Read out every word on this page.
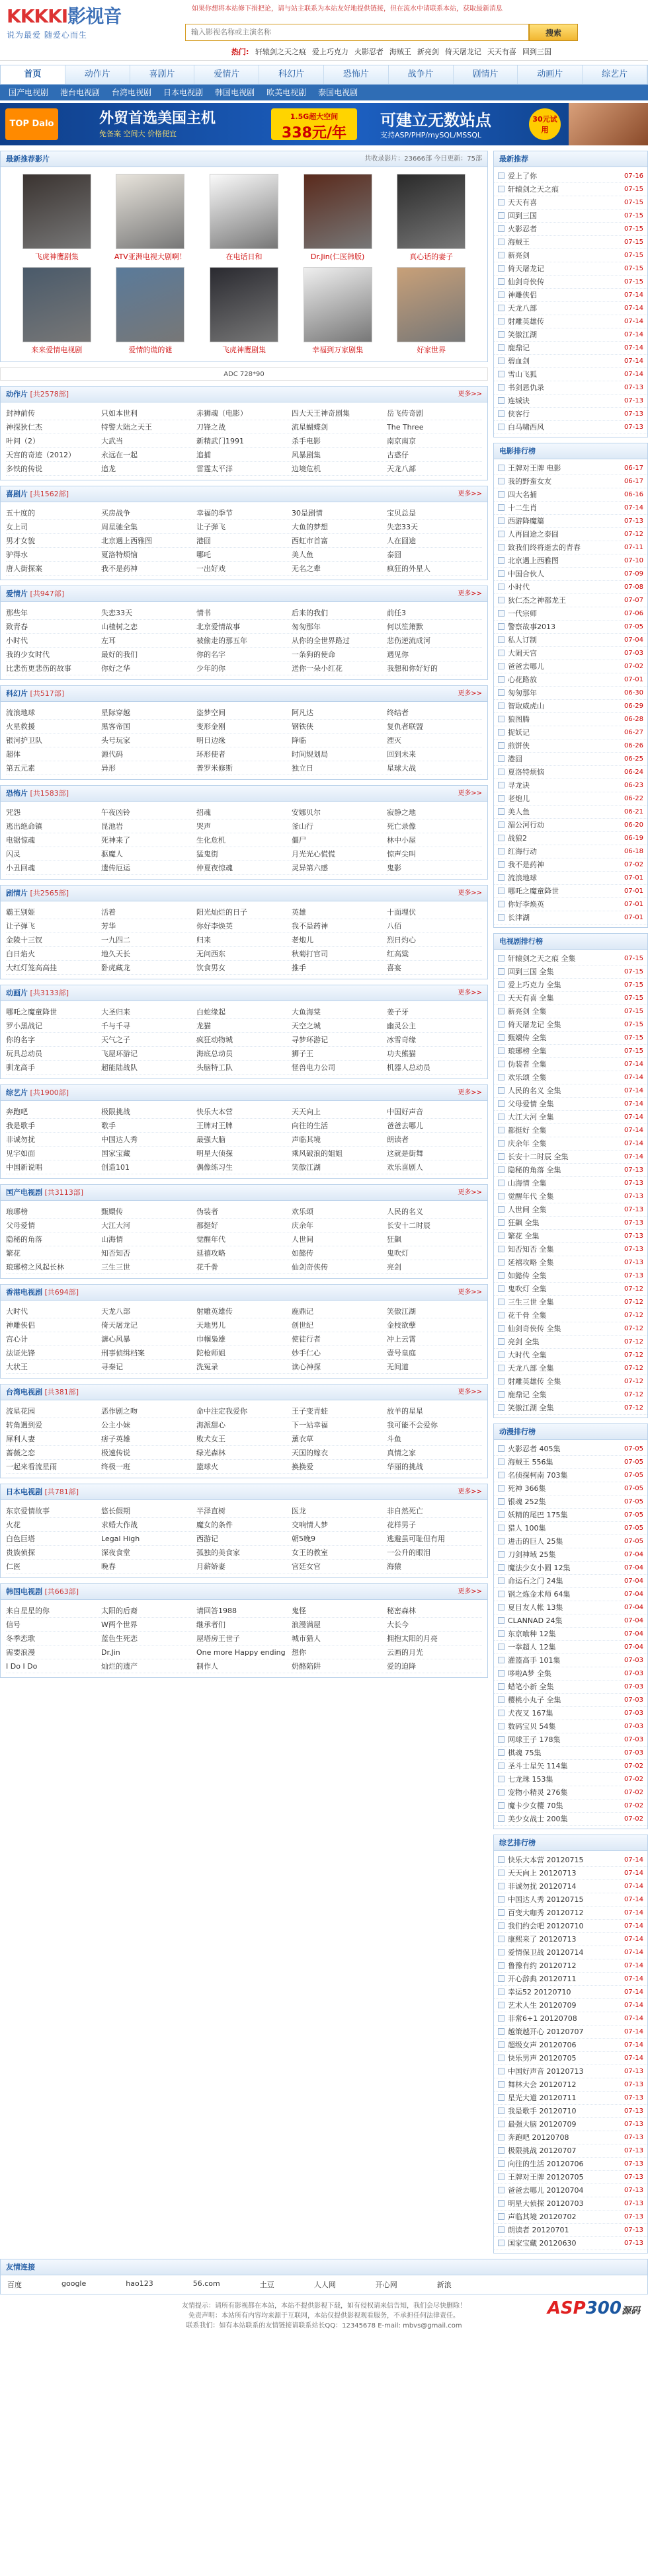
KKKKI影视音
说为最爱 随爱心而生
如果你想将本站修下捐把论，请与站主联系为本站友好地提供链接，但在流水中请联系本站，获取最新消息
输入影视名称或主演名称
搜索
热门: 轩辕剑之天之痕 爱上巧克力 火影忍者 海贼王 新亮剑 倚天屠龙记 天天有喜 回到三国
首页	动作片	喜剧片	爱情片	科幻片	恐怖片	战争片	剧情片	动画片	综艺片
国产电视剧	港台电视剧	台湾电视剧	日本电视剧	韩国电视剧	欧美电视剧	泰国电视剧
TOP Dalo	外贸首选美国主机
免备案 空间大 价格便宜
1.5G超大空间
338元/年
可建立无数站点
支持ASP/PHP/mySQL/MSSQL
30元试用
最新推荐影片	共收录影片：23666部 今日更新：75部
飞虎神鹰剧集	ATV亚洲电视大剧啊！	在电话日和	Dr.Jin(仁医韩版)	真心话的妻子
来来爱情电视剧	爱情的谎的谜	飞虎神鹰剧集	幸福到万家剧集	好家世界
ADC 728*90
动作片 [共2578部]	更多>>
封神前传	只如本世利	赤狮魂（电影）	四大天王神奇剧集	岳飞传奇剧
神探狄仁杰	特警大陆之天王	刀锋之战	流星蝴蝶剑	The Three
叶问（2）	大武当	新精武门1991	杀手电影	南京南京
天宫的奇迹（2012）	永远在一起	追捕	风暴剧集	古惑仔
多铁的传说	追龙	雷霆太平洋	边境危机	天龙八部
喜剧片 [共1562部]	更多>>
五十度的	买房战争	幸福的季节	30是剧情	宝贝总是
女上司	周星驰全集	让子弹飞	大鱼的梦想	失恋33天
男才女貌	北京遇上西雅图	港囧	西虹市首富	人在囧途
驴得水	夏洛特烦恼	哪吒	美人鱼	泰囧
唐人街探案	我不是药神	一出好戏	无名之辈	疯狂的外星人
爱情片 [共947部]	更多>>
那些年	失恋33天	情书	后来的我们	前任3
致青春	山楂树之恋	北京爱情故事	匆匆那年	何以笙箫默
小时代	左耳	被偷走的那五年	从你的全世界路过	悲伤逆流成河
我的少女时代	最好的我们	你的名字	一条狗的使命	遇见你
比悲伤更悲伤的故事	你好之华	少年的你	送你一朵小红花	我想和你好好的
科幻片 [共517部]	更多>>
流浪地球	星际穿越	盗梦空间	阿凡达	终结者
火星救援	黑客帝国	变形金刚	钢铁侠	复仇者联盟
银河护卫队	头号玩家	明日边缘	降临	湮灭
超体	源代码	环形使者	时间规划局	回到未来
第五元素	异形	普罗米修斯	独立日	星球大战
恐怖片 [共1583部]	更多>>
咒怨	午夜凶铃	招魂	安娜贝尔	寂静之地
逃出绝命镇	昆池岩	哭声	釜山行	死亡录像
电锯惊魂	死神来了	生化危机	僵尸	林中小屋
闪灵	驱魔人	猛鬼街	月光光心慌慌	惊声尖叫
小丑回魂	遗传厄运	仲夏夜惊魂	灵异第六感	鬼影
剧情片 [共2565部]	更多>>
霸王别姬	活着	阳光灿烂的日子	英雄	十面埋伏
让子弹飞	芳华	你好李焕英	我不是药神	八佰
金陵十三钗	一九四二	归来	老炮儿	烈日灼心
白日焰火	地久天长	无问西东	秋菊打官司	红高粱
大红灯笼高高挂	卧虎藏龙	饮食男女	推手	喜宴
动画片 [共3133部]	更多>>
哪吒之魔童降世	大圣归来	白蛇缘起	大鱼海棠	姜子牙
罗小黑战记	千与千寻	龙猫	天空之城	幽灵公主
你的名字	天气之子	疯狂动物城	寻梦环游记	冰雪奇缘
玩具总动员	飞屋环游记	海底总动员	狮子王	功夫熊猫
驯龙高手	超能陆战队	头脑特工队	怪兽电力公司	机器人总动员
综艺片 [共1900部]	更多>>
奔跑吧	极限挑战	快乐大本营	天天向上	中国好声音
我是歌手	歌手	王牌对王牌	向往的生活	爸爸去哪儿
非诚勿扰	中国达人秀	最强大脑	声临其境	朗读者
见字如面	国家宝藏	明星大侦探	乘风破浪的姐姐	这就是街舞
中国新说唱	创造101	偶像练习生	笑傲江湖	欢乐喜剧人
国产电视剧 [共3113部]	更多>>
琅琊榜	甄嬛传	伪装者	欢乐颂	人民的名义
父母爱情	大江大河	都挺好	庆余年	长安十二时辰
隐秘的角落	山海情	觉醒年代	人世间	狂飙
繁花	知否知否	延禧攻略	如懿传	鬼吹灯
琅琊榜之风起长林	三生三世	花千骨	仙剑奇侠传	亮剑
香港电视剧 [共694部]	更多>>
大时代	天龙八部	射雕英雄传	鹿鼎记	笑傲江湖
神雕侠侣	倚天屠龙记	天地男儿	创世纪	金枝欲孽
宫心计	溏心风暴	巾帼枭雄	使徒行者	冲上云霄
法证先锋	刑事侦缉档案	陀枪师姐	妙手仁心	壹号皇庭
大状王	寻秦记	洗冤录	读心神探	无间道
台湾电视剧 [共381部]	更多>>
流星花园	恶作剧之吻	命中注定我爱你	王子变青蛙	放羊的星星
转角遇到爱	公主小妹	海派甜心	下一站幸福	我可能不会爱你
犀利人妻	痞子英雄	败犬女王	薰衣草	斗鱼
蔷薇之恋	极速传说	绿光森林	天国的嫁衣	真情之家
一起来看流星雨	终极一班	篮球火	换换爱	华丽的挑战
日本电视剧 [共781部]	更多>>
东京爱情故事	悠长假期	半泽直树	医龙	非自然死亡
火花	求婚大作战	魔女的条件	交响情人梦	花样男子
白色巨塔	Legal High	西游记	朝5晚9	逃避虽可耻但有用
贵族侦探	深夜食堂	孤独的美食家	女王的教室	一公升的眼泪
仁医	晚春	月薪娇妻	宫廷女官	海猿
韩国电视剧 [共663部]	更多>>
来自星星的你	太阳的后裔	请回答1988	鬼怪	秘密森林
信号	W两个世界	继承者们	浪漫满屋	大长今
冬季恋歌	蓝色生死恋	屋塔房王世子	城市猎人	拥抱太阳的月亮
需要浪漫	Dr.Jin	One more Happy ending 想你	云画的月光
I Do I Do	灿烂的遗产	制作人	奶酪陷阱	爱的迫降
最新推荐
爱上了你	07-16
轩辕剑之天之痕	07-15
天天有喜	07-15
回到三国	07-15
火影忍者	07-15
海贼王	07-15
新亮剑	07-15
倚天屠龙记	07-15
仙剑奇侠传	07-15
神雕侠侣	07-14
天龙八部	07-14
射雕英雄传	07-14
笑傲江湖	07-14
鹿鼎记	07-14
碧血剑	07-14
雪山飞狐	07-14
书剑恩仇录	07-13
连城诀	07-13
侠客行	07-13
白马啸西风	07-13
电影排行榜
王牌对王牌 电影	06-17
我的野蛮女友	06-17
四大名捕	06-16
十二生肖	07-14
西游降魔篇	07-13
人再囧途之泰囧	07-12
致我们终将逝去的青春	07-11
北京遇上西雅图	07-10
中国合伙人	07-09
小时代	07-08
狄仁杰之神都龙王	07-07
一代宗师	07-06
警察故事2013	07-05
私人订制	07-04
大闹天宫	07-03
爸爸去哪儿	07-02
心花路放	07-01
匆匆那年	06-30
智取威虎山	06-29
狼图腾	06-28
捉妖记	06-27
煎饼侠	06-26
港囧	06-25
夏洛特烦恼	06-24
寻龙诀	06-23
老炮儿	06-22
美人鱼	06-21
湄公河行动	06-20
战狼2	06-19
红海行动	06-18
我不是药神	07-02
流浪地球	07-01
哪吒之魔童降世	07-01
你好李焕英	07-01
长津湖	07-01
电视剧排行榜
轩辕剑之天之痕 全集	07-15
回到三国 全集	07-15
爱上巧克力 全集	07-15
天天有喜 全集	07-15
新亮剑 全集	07-15
倚天屠龙记 全集	07-15
甄嬛传 全集	07-15
琅琊榜 全集	07-15
伪装者 全集	07-14
欢乐颂 全集	07-14
人民的名义 全集	07-14
父母爱情 全集	07-14
大江大河 全集	07-14
都挺好 全集	07-14
庆余年 全集	07-14
长安十二时辰 全集	07-14
隐秘的角落 全集	07-13
山海情 全集	07-13
觉醒年代 全集	07-13
人世间 全集	07-13
狂飙 全集	07-13
繁花 全集	07-13
知否知否 全集	07-13
延禧攻略 全集	07-13
如懿传 全集	07-13
鬼吹灯 全集	07-12
三生三世 全集	07-12
花千骨 全集	07-12
仙剑奇侠传 全集	07-12
亮剑 全集	07-12
大时代 全集	07-12
天龙八部 全集	07-12
射雕英雄传 全集	07-12
鹿鼎记 全集	07-12
笑傲江湖 全集	07-12
动漫排行榜
火影忍者 405集	07-05
海贼王 556集	07-05
名侦探柯南 703集	07-05
死神 366集	07-05
银魂 252集	07-05
妖精的尾巴 175集	07-05
猎人 100集	07-05
进击的巨人 25集	07-05
刀剑神域 25集	07-04
魔法少女小圆 12集	07-04
命运石之门 24集	07-04
钢之炼金术师 64集	07-04
夏目友人帐 13集	07-04
CLANNAD 24集	07-04
东京喰种 12集	07-04
一拳超人 12集	07-04
灌篮高手 101集	07-03
哆啦A梦 全集	07-03
蜡笔小新 全集	07-03
樱桃小丸子 全集	07-03
犬夜叉 167集	07-03
数码宝贝 54集	07-03
网球王子 178集	07-03
棋魂 75集	07-03
圣斗士星矢 114集	07-02
七龙珠 153集	07-02
宠物小精灵 276集	07-02
魔卡少女樱 70集	07-02
美少女战士 200集	07-02
综艺排行榜
快乐大本营 20120715	07-14
天天向上 20120713	07-14
非诚勿扰 20120714	07-14
中国达人秀 20120715	07-14
百变大咖秀 20120712	07-14
我们约会吧 20120710	07-14
康熙来了 20120713	07-14
爱情保卫战 20120714	07-14
鲁豫有约 20120712	07-14
开心辞典 20120711	07-14
幸运52 20120710	07-14
艺术人生 20120709	07-14
非常6+1 20120708	07-14
越策越开心 20120707	07-14
超级女声 20120706	07-14
快乐男声 20120705	07-14
中国好声音 20120713	07-13
舞林大会 20120712	07-13
星光大道 20120711	07-13
我是歌手 20120710	07-13
最强大脑 20120709	07-13
奔跑吧 20120708	07-13
极限挑战 20120707	07-13
向往的生活 20120706	07-13
王牌对王牌 20120705	07-13
爸爸去哪儿 20120704	07-13
明星大侦探 20120703	07-13
声临其境 20120702	07-13
朗读者 20120701	07-13
国家宝藏 20120630	07-13
友情连接
百度	google	hao123	56.com	土豆	人人网	开心网	新浪
友情提示：请所有影视都在本站，本站不提供影视下载，如有侵权请来信告知，我们会尽快删除！
免责声明：本站所有内容均来源于互联网，本站仅提供影视观看服务，不承担任何法律责任。
联系我们：如有本站联系的友情链接请联系站长QQ：12345678 E-mail: mbvs@gmail.com
ASP300源码
